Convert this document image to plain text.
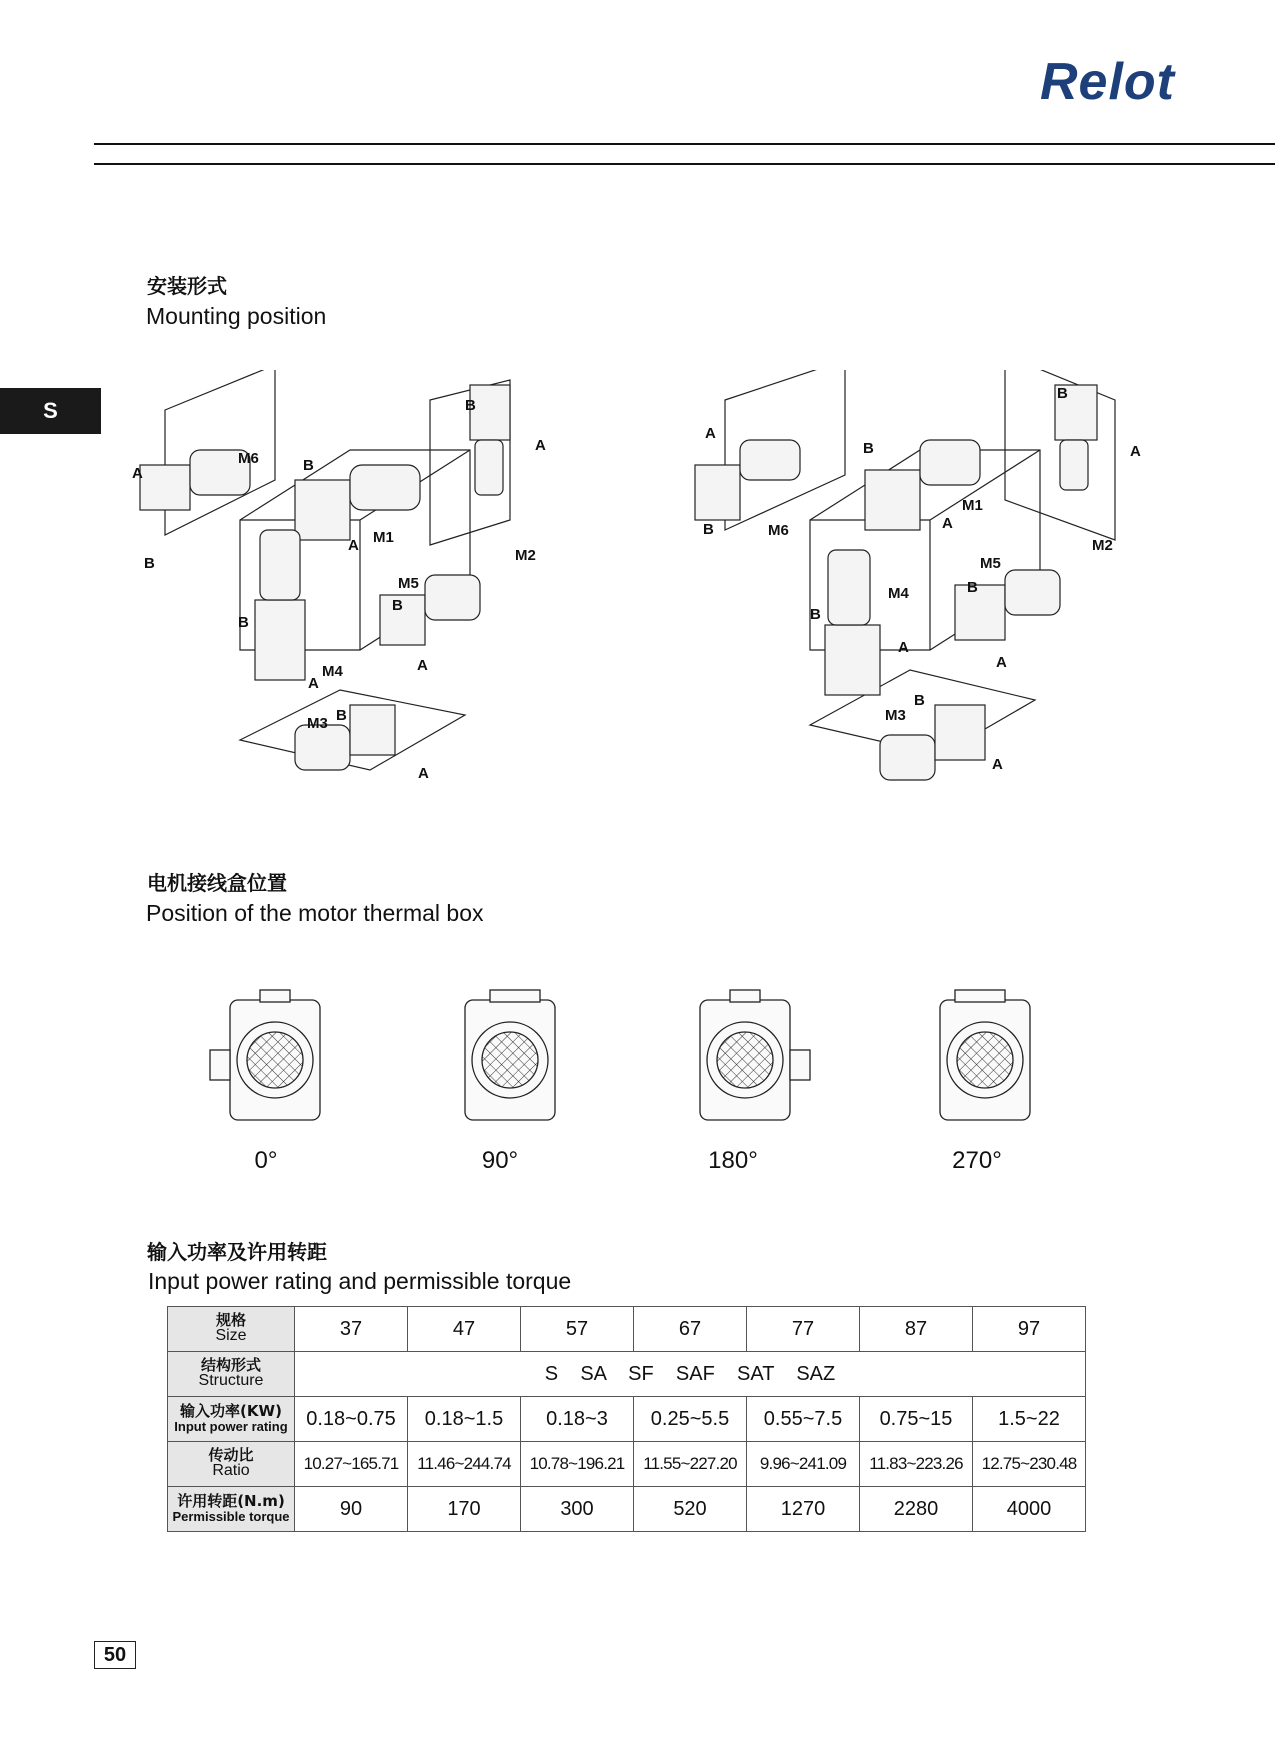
Relot
S
安装形式
Mounting position
M6
A
B
B
M1
A
B
A
M2
M5
B
A
B
M4
A
M3 B
A
A
B	M6
B
M1
A
B
A
M2
M5
B
A
B
M4
A
M3
B
A
电机接线盒位置
Position of the motor thermal box
0°	90°	180°	270°
输入功率及许用转距
Input power rating and permissible torque
规格
Size	37	47	57	67	77	87	97

结构形式
Structure	S    SA    SF    SAF    SAT    SAZ						

输入功率(KW)
Input power rating	0.18~0.75	0.18~1.5	0.18~3	0.25~5.5	0.55~7.5	0.75~15	1.5~22

传动比
Ratio	10.27~165.71	11.46~244.74	10.78~196.21	11.55~227.20	9.96~241.09	11.83~223.26	12.75~230.48

许用转距(N.m)
Permissible torque	90	170	300	520	1270	2280	4000
50
